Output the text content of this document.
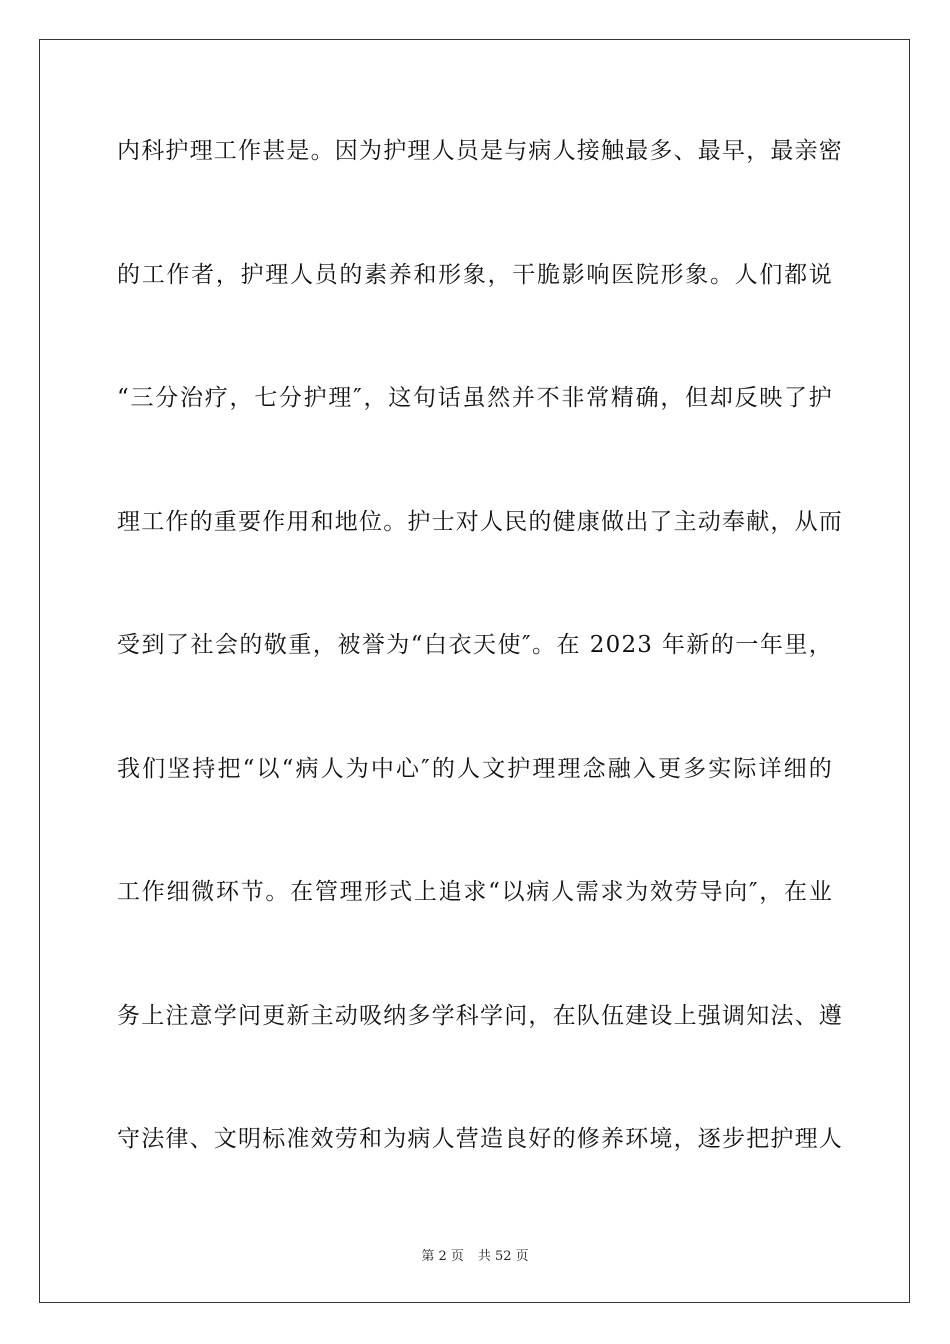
内科护理工作甚是。因为护理人员是与病人接触最多、最早，最亲密
的工作者，护理人员的素养和形象，干脆影响医院形象。人们都说
“三分治疗，七分护理″，这句话虽然并不非常精确，但却反映了护
理工作的重要作用和地位。护士对人民的健康做出了主动奉献，从而
受到了社会的敬重，被誉为“白衣天使″。在 2023 年新的一年里，
我们坚持把“以“病人为中心″的人文护理理念融入更多实际详细的
工作细微环节。在管理形式上追求“以病人需求为效劳导向″，在业
务上注意学问更新主动吸纳多学科学问，在队伍建设上强调知法、遵
守法律、文明标准效劳和为病人营造良好的修养环境，逐步把护理人
第 2 页 共 52 页
